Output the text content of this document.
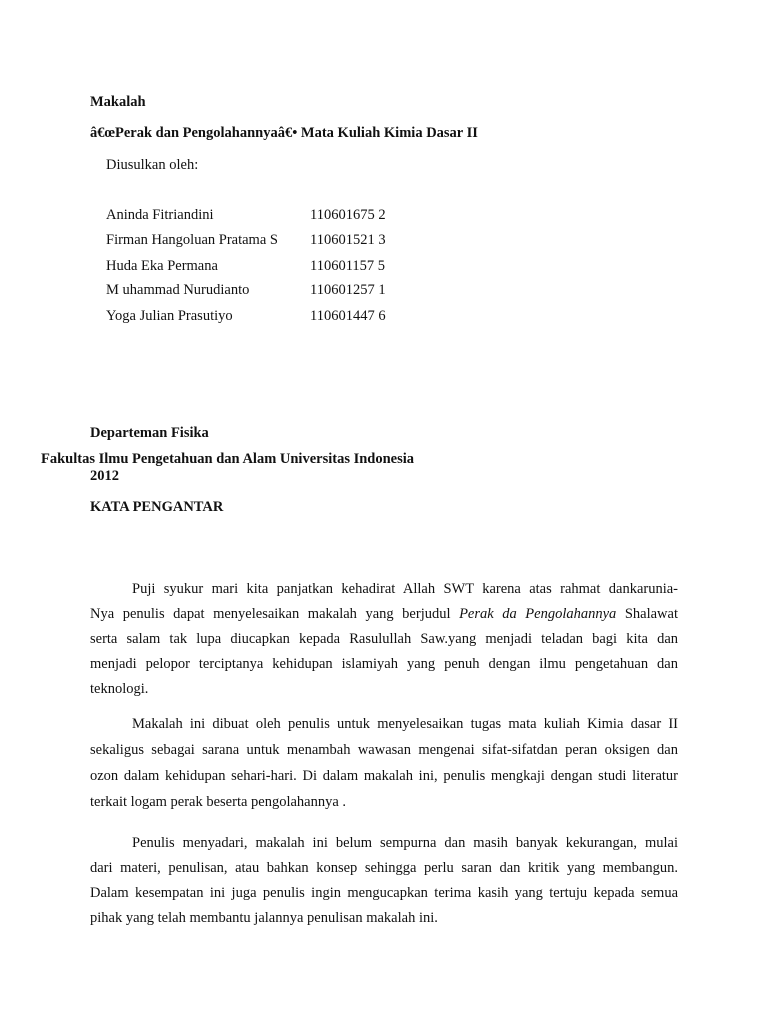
Makalah
â€œPerak dan Pengolahannyaâ€• Mata Kuliah Kimia Dasar II
Diusulkan oleh:
Aninda Fitriandini	110601675 2
Firman Hangoluan Pratama S 110601521 3
Huda Eka Permana	110601157 5
M uhammad Nurudianto	110601257 1
Yoga Julian Prasutiyo	110601447 6
Departeman Fisika
Fakultas Ilmu Pengetahuan dan Alam Universitas Indonesia
2012
KATA PENGANTAR
Puji syukur mari kita panjatkan kehadirat Allah SWT karena atas rahmat dankarunia-
Nya penulis dapat menyelesaikan makalah yang berjudul Perak da Pengolahannya Shalawat
serta salam tak lupa diucapkan kepada Rasulullah Saw.yang menjadi teladan bagi kita dan
menjadi pelopor terciptanya kehidupan islamiyah yang penuh dengan ilmu pengetahuan dan
teknologi.
Makalah ini dibuat oleh penulis untuk menyelesaikan tugas mata kuliah Kimia dasar II
sekaligus sebagai sarana untuk menambah wawasan mengenai sifat-sifatdan peran oksigen dan
ozon dalam kehidupan sehari-hari. Di dalam makalah ini, penulis mengkaji dengan studi literatur
terkait logam perak beserta pengolahannya .
Penulis menyadari, makalah ini belum sempurna dan masih banyak kekurangan, mulai
dari materi, penulisan, atau bahkan konsep sehingga perlu saran dan kritik yang membangun.
Dalam kesempatan ini juga penulis ingin mengucapkan terima kasih yang tertuju kepada semua
pihak yang telah membantu jalannya penulisan makalah ini.
